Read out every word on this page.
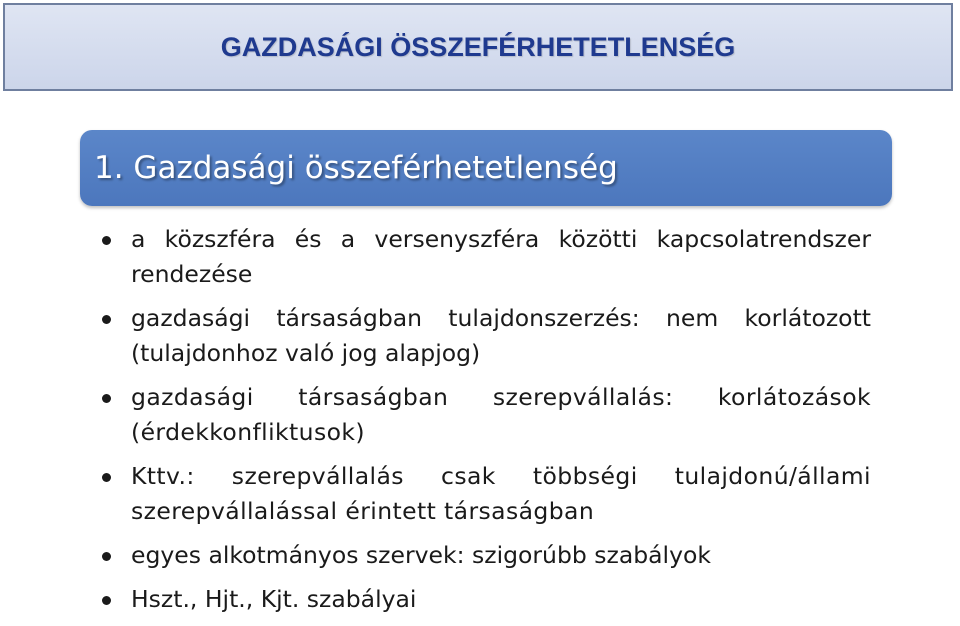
GAZDASÁGI ÖSSZEFÉRHETETLENSÉG
1. Gazdasági összeférhetetlenség
a közszféra és a versenyszféra közötti kapcsolatrendszer rendezése
gazdasági társaságban tulajdonszerzés: nem korlátozott (tulajdonhoz való jog alapjog)
gazdasági társaságban szerepvállalás: korlátozások (érdekkonfliktusok)
Kttv.: szerepvállalás csak többségi tulajdonú/állami szerepvállalással érintett társaságban
egyes alkotmányos szervek: szigorúbb szabályok
Hszt., Hjt., Kjt. szabályai
